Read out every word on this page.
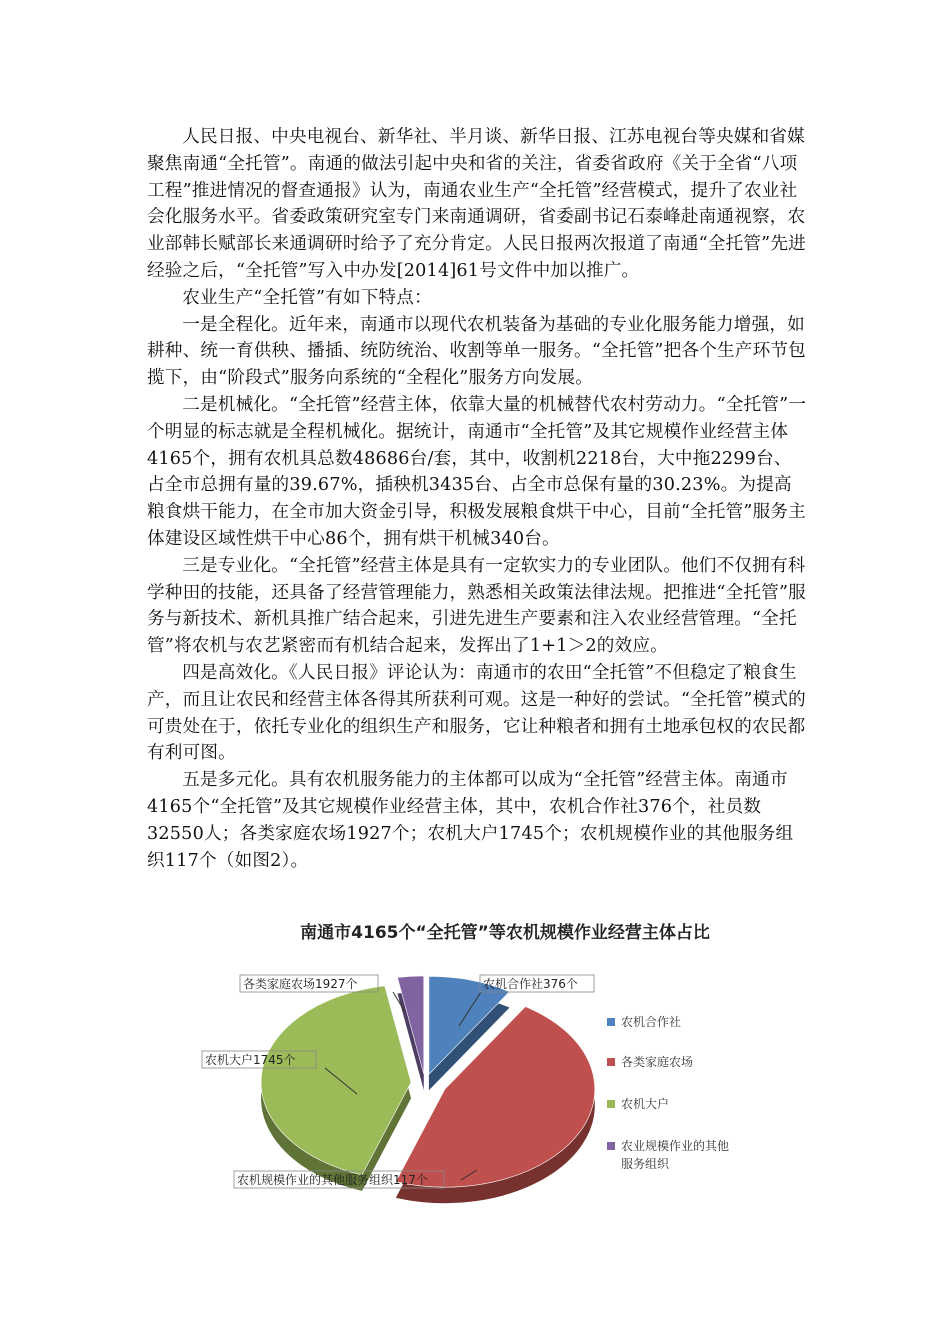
人民日报、中央电视台、新华社、半月谈、新华日报、江苏电视台等央媒和省媒聚焦南通“全托管”。南通的做法引起中央和省的关注，省委省政府《关于全省“八项工程”推进情况的督查通报》认为，南通农业生产“全托管”经营模式，提升了农业社会化服务水平。省委政策研究室专门来南通调研，省委副书记石泰峰赴南通视察，农业部韩长赋部长来通调研时给予了充分肯定。人民日报两次报道了南通“全托管”先进经验之后，“全托管”写入中办发[2014]61号文件中加以推广。

农业生产“全托管”有如下特点：

一是全程化。近年来，南通市以现代农机装备为基础的专业化服务能力增强，如耕种、统一育供秧、播插、统防统治、收割等单一服务。“全托管”把各个生产环节包揽下，由“阶段式”服务向系统的“全程化”服务方向发展。

二是机械化。“全托管”经营主体，依靠大量的机械替代农村劳动力。“全托管”一个明显的标志就是全程机械化。据统计，南通市“全托管”及其它规模作业经营主体4165个，拥有农机具总数48686台/套，其中，收割机2218台，大中拖2299台、占全市总拥有量的39.67%，插秧机3435台、占全市总保有量的30.23%。为提高粮食烘干能力，在全市加大资金引导，积极发展粮食烘干中心，目前“全托管”服务主体建设区域性烘干中心86个，拥有烘干机械340台。

三是专业化。“全托管”经营主体是具有一定软实力的专业团队。他们不仅拥有科学种田的技能，还具备了经营管理能力，熟悉相关政策法律法规。把推进“全托管”服务与新技术、新机具推广结合起来，引进先进生产要素和注入农业经营管理。“全托管”将农机与农艺紧密而有机结合起来，发挥出了1+1＞2的效应。

四是高效化。《人民日报》评论认为：南通市的农田“全托管”不但稳定了粮食生产，而且让农民和经营主体各得其所获利可观。这是一种好的尝试。“全托管”模式的可贵处在于，依托专业化的组织生产和服务，它让种粮者和拥有土地承包权的农民都有利可图。

五是多元化。具有农机服务能力的主体都可以成为“全托管”经营主体。南通市4165个“全托管”及其它规模作业经营主体，其中，农机合作社376个，社员数32550人；各类家庭农场1927个；农机大户1745个；农机规模作业的其他服务组织117个（如图2）。

南通市4165个“全托管”等农机规模作业经营主体占比
农机合作社376个
各类家庭农场1927个
农机大户1745个
农机规模作业的其他服务组织117个
农机合作社
各类家庭农场
农机大户
农业规模作业的其他
服务组织
